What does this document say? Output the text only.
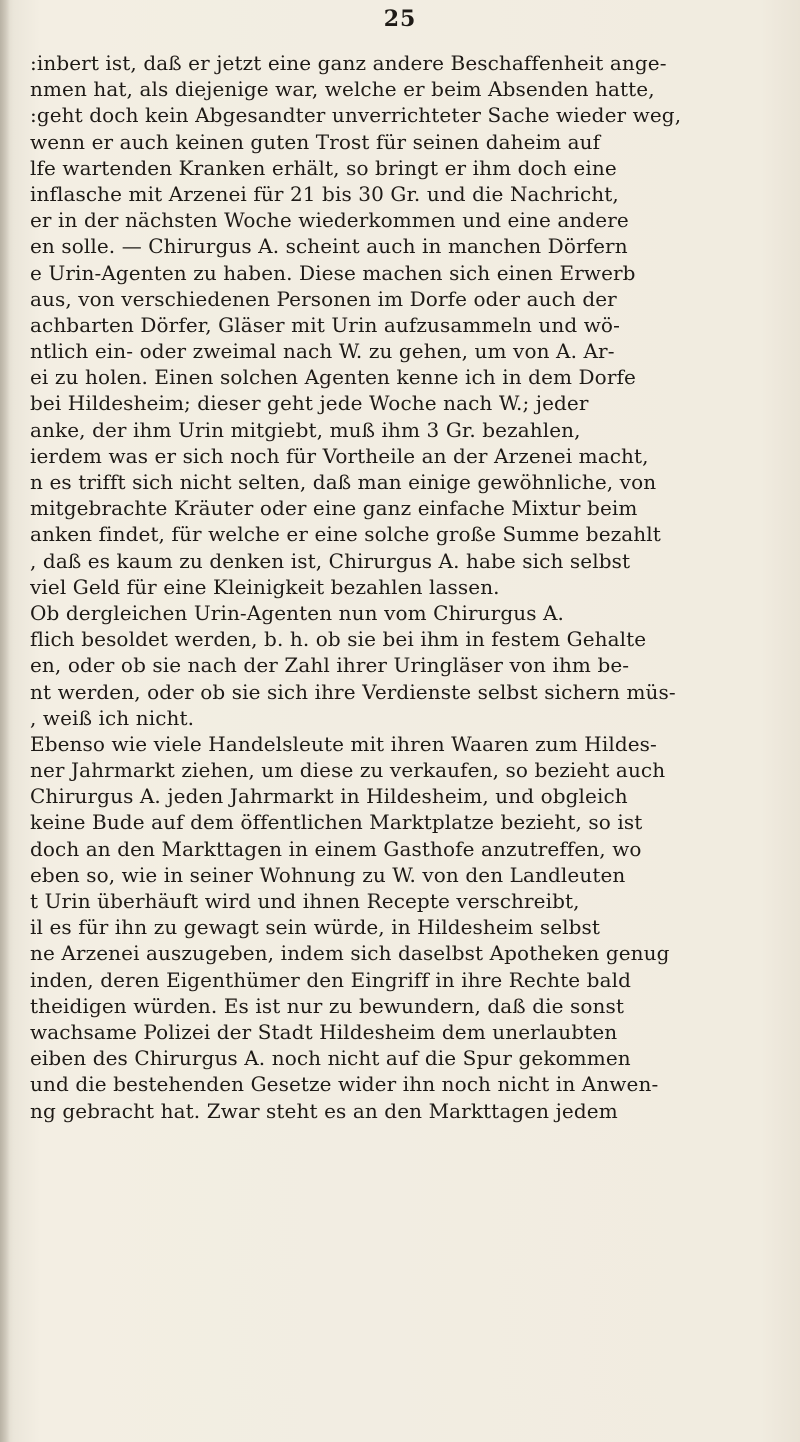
25
:inbert ist, daß er jetzt eine ganz andere Beschaffenheit ange-
nmen hat, als diejenige war, welche er beim Absenden hatte,
:geht doch kein Abgesandter unverrichteter Sache wieder weg,
wenn er auch keinen guten Trost für seinen daheim auf
lfe wartenden Kranken erhält, so bringt er ihm doch eine
inflasche mit Arzenei für 21 bis 30 Gr. und die Nachricht,
er in der nächsten Woche wiederkommen und eine andere
en solle. — Chirurgus A. scheint auch in manchen Dörfern
e Urin-Agenten zu haben. Diese machen sich einen Erwerb
aus, von verschiedenen Personen im Dorfe oder auch der
achbarten Dörfer, Gläser mit Urin aufzusammeln und wö-
ntlich ein- oder zweimal nach W. zu gehen, um von A. Ar-
ei zu holen. Einen solchen Agenten kenne ich in dem Dorfe
bei Hildesheim; dieser geht jede Woche nach W.; jeder
anke, der ihm Urin mitgiebt, muß ihm 3 Gr. bezahlen,
ierdem was er sich noch für Vortheile an der Arzenei macht,
n es trifft sich nicht selten, daß man einige gewöhnliche, von
mitgebrachte Kräuter oder eine ganz einfache Mixtur beim
anken findet, für welche er eine solche große Summe bezahlt
, daß es kaum zu denken ist, Chirurgus A. habe sich selbst
viel Geld für eine Kleinigkeit bezahlen lassen.
Ob dergleichen Urin-Agenten nun vom Chirurgus A.
flich besoldet werden, b. h. ob sie bei ihm in festem Gehalte
en, oder ob sie nach der Zahl ihrer Uringläser von ihm be-
nt werden, oder ob sie sich ihre Verdienste selbst sichern müs-
, weiß ich nicht.
Ebenso wie viele Handelsleute mit ihren Waaren zum Hildes-
ner Jahrmarkt ziehen, um diese zu verkaufen, so bezieht auch
Chirurgus A. jeden Jahrmarkt in Hildesheim, und obgleich
keine Bude auf dem öffentlichen Marktplatze bezieht, so ist
doch an den Markttagen in einem Gasthofe anzutreffen, wo
eben so, wie in seiner Wohnung zu W. von den Landleuten
t Urin überhäuft wird und ihnen Recepte verschreibt,
il es für ihn zu gewagt sein würde, in Hildesheim selbst
ne Arzenei auszugeben, indem sich daselbst Apotheken genug
inden, deren Eigenthümer den Eingriff in ihre Rechte bald
theidigen würden. Es ist nur zu bewundern, daß die sonst
wachsame Polizei der Stadt Hildesheim dem unerlaubten
eiben des Chirurgus A. noch nicht auf die Spur gekommen
und die bestehenden Gesetze wider ihn noch nicht in Anwen-
ng gebracht hat. Zwar steht es an den Markttagen jedem
